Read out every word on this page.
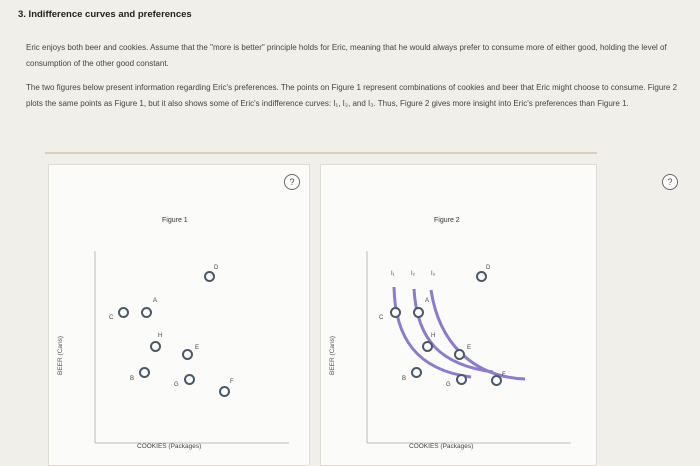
3. Indifference curves and preferences
Eric enjoys both beer and cookies. Assume that the "more is better" principle holds for Eric, meaning that he would always prefer to consume more of either good, holding the level of consumption of the other good constant.
The two figures below present information regarding Eric's preferences. The points on Figure 1 represent combinations of cookies and beer that Eric might choose to consume. Figure 2 plots the same points as Figure 1, but it also shows some of Eric's indifference curves: I₁, I₂, and I₃. Thus, Figure 2 gives more insight into Eric's preferences than Figure 1.
Figure 1
BEER (Cans)
COOKIES (Packages)
C
A
H
E
D
B
G	F
?
Figure 2
BEER (Cans)
I₁	I₂	I₃
C
A
H
E
D
B
G
F
COOKIES (Packages)
?
